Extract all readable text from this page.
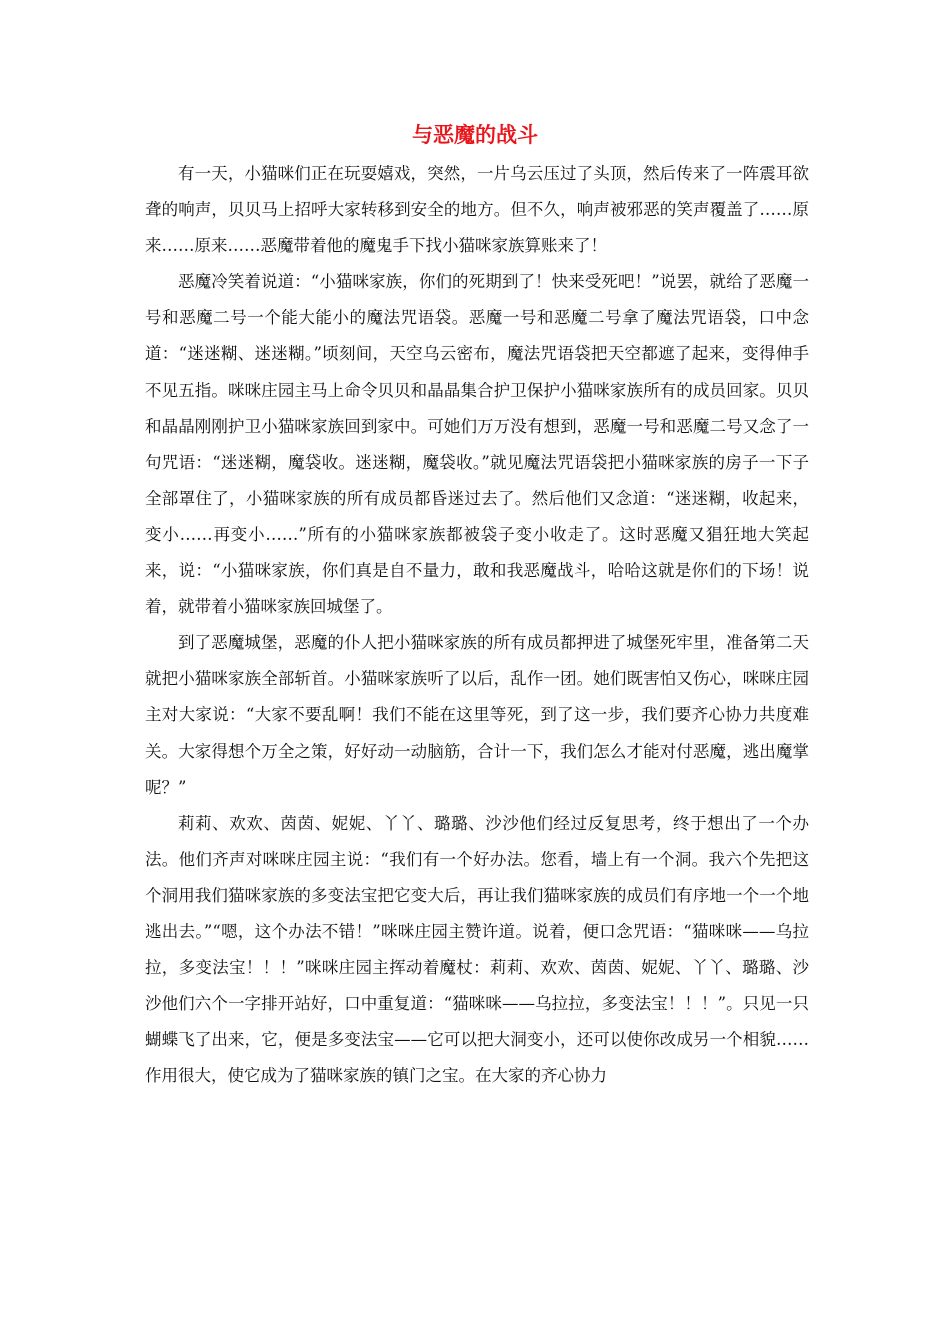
与恶魔的战斗

有一天，小猫咪们正在玩耍嬉戏，突然，一片乌云压过了头顶，然后传来了一阵震耳欲聋的响声，贝贝马上招呼大家转移到安全的地方。但不久，响声被邪恶的笑声覆盖了……原来……原来……恶魔带着他的魔鬼手下找小猫咪家族算账来了！

恶魔冷笑着说道：“小猫咪家族，你们的死期到了！快来受死吧！”说罢，就给了恶魔一号和恶魔二号一个能大能小的魔法咒语袋。恶魔一号和恶魔二号拿了魔法咒语袋，口中念道：“迷迷糊、迷迷糊。”顷刻间，天空乌云密布，魔法咒语袋把天空都遮了起来，变得伸手不见五指。咪咪庄园主马上命令贝贝和晶晶集合护卫保护小猫咪家族所有的成员回家。贝贝和晶晶刚刚护卫小猫咪家族回到家中。可她们万万没有想到，恶魔一号和恶魔二号又念了一句咒语：“迷迷糊，魔袋收。迷迷糊，魔袋收。”就见魔法咒语袋把小猫咪家族的房子一下子全部罩住了，小猫咪家族的所有成员都昏迷过去了。然后他们又念道：“迷迷糊，收起来，变小……再变小……”所有的小猫咪家族都被袋子变小收走了。这时恶魔又猖狂地大笑起来，说：“小猫咪家族，你们真是自不量力，敢和我恶魔战斗，哈哈这就是你们的下场！说着，就带着小猫咪家族回城堡了。

到了恶魔城堡，恶魔的仆人把小猫咪家族的所有成员都押进了城堡死牢里，准备第二天就把小猫咪家族全部斩首。小猫咪家族听了以后，乱作一团。她们既害怕又伤心，咪咪庄园主对大家说：“大家不要乱啊！我们不能在这里等死，到了这一步，我们要齐心协力共度难关。大家得想个万全之策，好好动一动脑筋，合计一下，我们怎么才能对付恶魔，逃出魔掌呢？”

莉莉、欢欢、茵茵、妮妮、丫丫、璐璐、沙沙他们经过反复思考，终于想出了一个办法。他们齐声对咪咪庄园主说：“我们有一个好办法。您看，墙上有一个洞。我六个先把这个洞用我们猫咪家族的多变法宝把它变大后，再让我们猫咪家族的成员们有序地一个一个地逃出去。”“嗯，这个办法不错！”咪咪庄园主赞许道。说着，便口念咒语：“猫咪咪——乌拉拉，多变法宝！！！”咪咪庄园主挥动着魔杖：莉莉、欢欢、茵茵、妮妮、丫丫、璐璐、沙沙他们六个一字排开站好，口中重复道：“猫咪咪——乌拉拉，多变法宝！！！”。只见一只蝴蝶飞了出来，它，便是多变法宝——它可以把大洞变小，还可以使你改成另一个相貌……作用很大，使它成为了猫咪家族的镇门之宝。在大家的齐心协力
